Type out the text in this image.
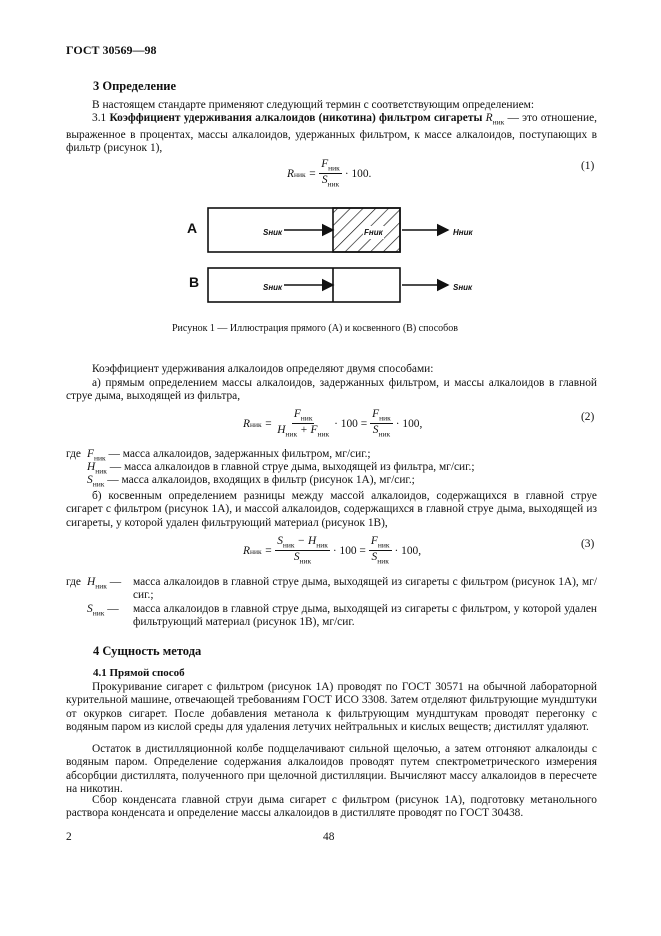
ГОСТ 30569—98
3 Определение
В настоящем стандарте применяют следующий термин с соответствующим определением:
3.1 Коэффициент удерживания алкалоидов (никотина) фильтром сигареты $R_{ник}$ — это отношение, выраженное в процентах, массы алкалоидов, удержанных фильтром, к массе алкалоидов, поступающих в фильтр (рисунок 1),
R ник = $\frac{F_{ник}}{S_{ник}} \cdot 100$.
(1)
A
B
Sник	Fник	Hник
Sник	Sник
Рисунок 1 — Иллюстрация прямого (А) и косвенного (В) способов
Коэффициент удерживания алкалоидов определяют двумя способами:
а) прямым определением массы алкалоидов, задержанных фильтром, и массы алкалоидов в главной струе дыма, выходящей из фильтра,
R ник = $\frac{F_{ник}}{H_{ник} + F_{ник}} \cdot 100 = \frac{F_{ник}}{S_{ник}} \cdot 100$,
(2)
где $F_{ник}$ — масса алкалоидов, задержанных фильтром, мг/сиг.;
$H_{ник}$ — масса алкалоидов в главной струе дыма, выходящей из фильтра, мг/сиг.;
$S_{ник}$ — масса алкалоидов, входящих в фильтр (рисунок 1А), мг/сиг.;
б) косвенным определением разницы между массой алкалоидов, содержащихся в главной струе сигарет с фильтром (рисунок 1А), и массой алкалоидов, содержащихся в главной струе дыма, выходящей из сигареты, у которой удален фильтрующий материал (рисунок 1В),
R ник = $\frac{S_{ник} - H_{ник}}{S_{ник}} \cdot 100 = \frac{F_{ник}}{S_{ник}} \cdot 100$,
(3)
где $H_{ник}$ — масса алкалоидов в главной струе дыма, выходящей из сигареты с фильтром (рисунок 1А), мг/сиг.;
$S_{ник}$ — масса алкалоидов в главной струе дыма, выходящей из сигареты с фильтром, у которой удален фильтрующий материал (рисунок 1В), мг/сиг.
4 Сущность метода
4.1 Прямой способ
Прокуривание сигарет с фильтром (рисунок 1А) проводят по ГОСТ 30571 на обычной лабораторной курительной машине, отвечающей требованиям ГОСТ ИСО 3308. Затем отделяют фильтрующие мундштуки от окурков сигарет. После добавления метанола к фильтрующим мундштукам проводят перегонку с водяным паром из кислой среды для удаления летучих нейтральных и кислых веществ; дистиллят удаляют.
Остаток в дистилляционной колбе подщелачивают сильной щелочью, а затем отгоняют алкалоиды с водяным паром. Определение содержания алкалоидов проводят путем спектрометрического измерения абсорбции дистиллята, полученного при щелочной дистилляции. Вычисляют массу алкалоидов в пересчете на никотин.
Сбор конденсата главной струи дыма сигарет с фильтром (рисунок 1А), подготовку метанольного раствора конденсата и определение массы алкалоидов в дистилляте проводят по ГОСТ 30438.
2	48
